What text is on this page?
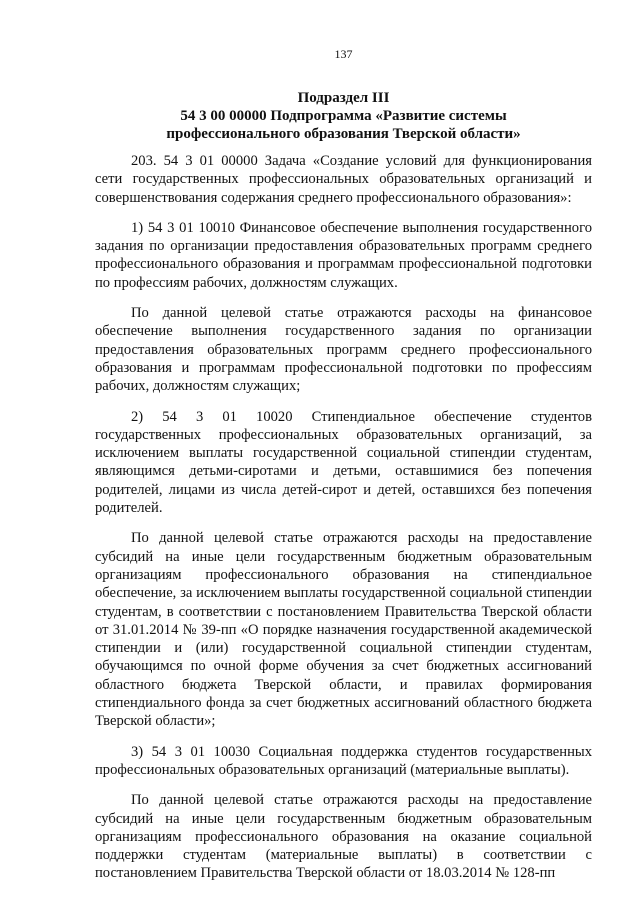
137
Подраздел III
54 3 00 00000 Подпрограмма «Развитие системы
профессионального образования Тверской области»

203. 54 3 01 00000 Задача «Создание условий для функционирования сети государственных профессиональных образовательных организаций и совершенствования содержания среднего профессионального образования»:

1) 54 3 01 10010 Финансовое обеспечение выполнения государственного задания по организации предоставления образовательных программ среднего профессионального образования и программам профессиональной подготовки по профессиям рабочих, должностям служащих.

По данной целевой статье отражаются расходы на финансовое обеспечение выполнения государственного задания по организации предоставления образовательных программ среднего профессионального образования и программам профессиональной подготовки по профессиям рабочих, должностям служащих;

2) 54 3 01 10020 Стипендиальное обеспечение студентов государственных профессиональных образовательных организаций, за исключением выплаты государственной социальной стипендии студентам, являющимся детьми-сиротами и детьми, оставшимися без попечения родителей, лицами из числа детей-сирот и детей, оставшихся без попечения родителей.

По данной целевой статье отражаются расходы на предоставление субсидий на иные цели государственным бюджетным образовательным организациям профессионального образования на стипендиальное обеспечение, за исключением выплаты государственной социальной стипендии студентам, в соответствии с постановлением Правительства Тверской области от 31.01.2014 № 39-пп «О порядке назначения государственной академической стипендии и (или) государственной социальной стипендии студентам, обучающимся по очной форме обучения за счет бюджетных ассигнований областного бюджета Тверской области, и правилах формирования стипендиального фонда за счет бюджетных ассигнований областного бюджета Тверской области»;

3) 54 3 01 10030 Социальная поддержка студентов государственных профессиональных образовательных организаций (материальные выплаты).

По данной целевой статье отражаются расходы на предоставление субсидий на иные цели государственным бюджетным образовательным организациям профессионального образования на оказание социальной поддержки студентам (материальные выплаты) в соответствии с постановлением Правительства Тверской области от 18.03.2014 № 128-пп
